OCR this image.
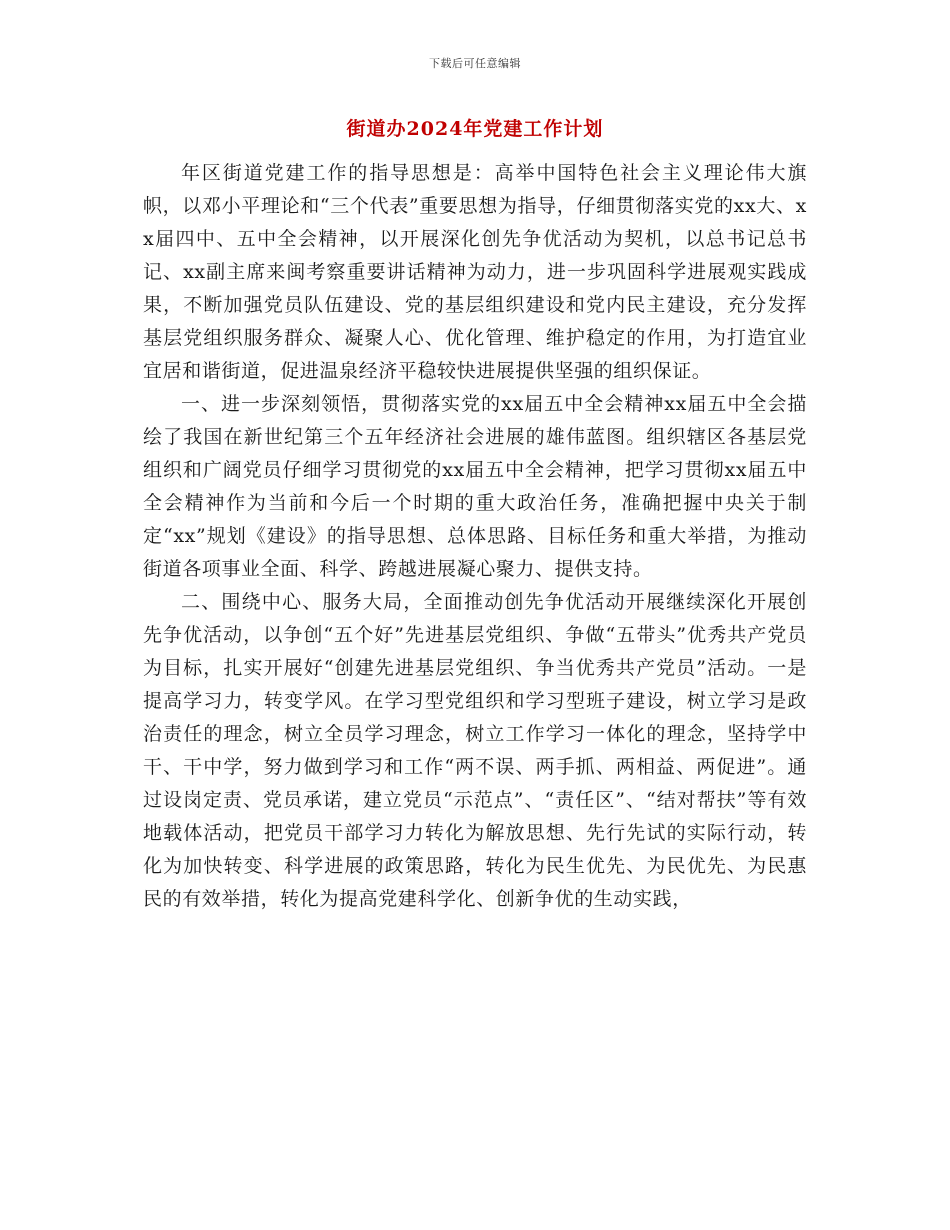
下载后可任意编辑
街道办2024年党建工作计划

年区街道党建工作的指导思想是：高举中国特色社会主义理论伟大旗帜，以邓小平理论和“三个代表”重要思想为指导，仔细贯彻落实党的xx大、xx届四中、五中全会精神，以开展深化创先争优活动为契机，以总书记总书记、xx副主席来闽考察重要讲话精神为动力，进一步巩固科学进展观实践成果，不断加强党员队伍建设、党的基层组织建设和党内民主建设，充分发挥基层党组织服务群众、凝聚人心、优化管理、维护稳定的作用，为打造宜业宜居和谐街道，促进温泉经济平稳较快进展提供坚强的组织保证。

一、进一步深刻领悟，贯彻落实党的xx届五中全会精神xx届五中全会描绘了我国在新世纪第三个五年经济社会进展的雄伟蓝图。组织辖区各基层党组织和广阔党员仔细学习贯彻党的xx届五中全会精神，把学习贯彻xx届五中全会精神作为当前和今后一个时期的重大政治任务，准确把握中央关于制定“xx”规划《建设》的指导思想、总体思路、目标任务和重大举措，为推动街道各项事业全面、科学、跨越进展凝心聚力、提供支持。

二、围绕中心、服务大局，全面推动创先争优活动开展继续深化开展创先争优活动，以争创“五个好”先进基层党组织、争做“五带头”优秀共产党员为目标，扎实开展好“创建先进基层党组织、争当优秀共产党员”活动。一是提高学习力，转变学风。在学习型党组织和学习型班子建设，树立学习是政治责任的理念，树立全员学习理念，树立工作学习一体化的理念，坚持学中干、干中学，努力做到学习和工作“两不误、两手抓、两相益、两促进”。通过设岗定责、党员承诺，建立党员“示范点”、“责任区”、“结对帮扶”等有效地载体活动，把党员干部学习力转化为解放思想、先行先试的实际行动，转化为加快转变、科学进展的政策思路，转化为民生优先、为民优先、为民惠民的有效举措，转化为提高党建科学化、创新争优的生动实践，
